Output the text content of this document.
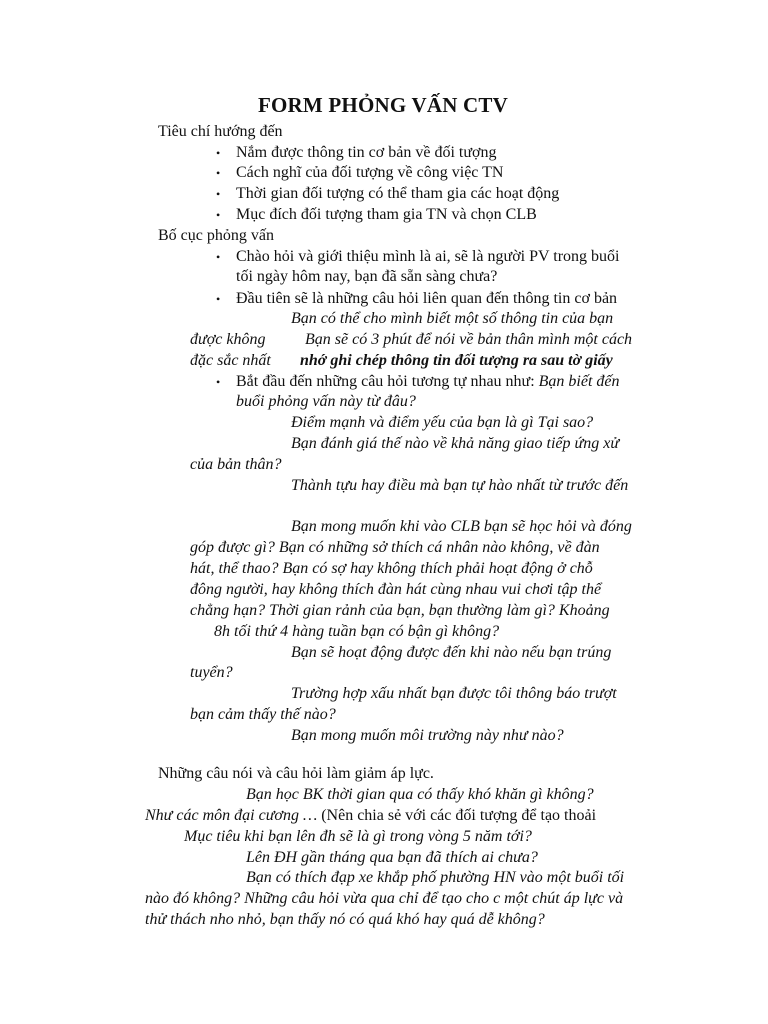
FORM PHỎNG VẤN CTV
Tiêu chí hướng đến
• Nắm được thông tin cơ bản về đối tượng
• Cách nghĩ của đối tượng về công việc TN
• Thời gian đối tượng có thể tham gia các hoạt động
• Mục đích đối tượng tham gia TN và chọn CLB
Bố cục phỏng vấn
• Chào hỏi và giới thiệu mình là ai, sẽ là người PV trong buổi
tối ngày hôm nay, bạn đã sẵn sàng chưa?
• Đầu tiên sẽ là những câu hỏi liên quan đến thông tin cơ bản
Bạn có thể cho mình biết một số thông tin của bạn
được không Bạn sẽ có 3 phút để nói về bản thân mình một cách
đặc sắc nhất nhớ ghi chép thông tin đối tượng ra sau tờ giấy
• Bắt đầu đến những câu hỏi tương tự nhau như: Bạn biết đến
buổi phỏng vấn này từ đâu?
Điểm mạnh và điểm yếu của bạn là gì Tại sao?
Bạn đánh giá thế nào về khả năng giao tiếp ứng xử
của bản thân?
Thành tựu hay điều mà bạn tự hào nhất từ trước đến
Bạn mong muốn khi vào CLB bạn sẽ học hỏi và đóng
góp được gì? Bạn có những sở thích cá nhân nào không, về đàn
hát, thể thao? Bạn có sợ hay không thích phải hoạt động ở chỗ
đông người, hay không thích đàn hát cùng nhau vui chơi tập thể
chẳng hạn? Thời gian rảnh của bạn, bạn thường làm gì? Khoảng
8h tối thứ 4 hàng tuần bạn có bận gì không?
Bạn sẽ hoạt động được đến khi nào nếu bạn trúng
tuyển?
Trường hợp xấu nhất bạn được tôi thông báo trượt
bạn cảm thấy thế nào?
Bạn mong muốn môi trường này như nào?
Những câu nói và câu hỏi làm giảm áp lực.
Bạn học BK thời gian qua có thấy khó khăn gì không?
Như các môn đại cương … (Nên chia sẻ với các đối tượng để tạo thoải
Mục tiêu khi bạn lên đh sẽ là gì trong vòng 5 năm tới?
Lên ĐH gần tháng qua bạn đã thích ai chưa?
Bạn có thích đạp xe khắp phố phường HN vào một buổi tối
nào đó không? Những câu hỏi vừa qua chỉ để tạo cho c một chút áp lực và
thử thách nho nhỏ, bạn thấy nó có quá khó hay quá dễ không?
